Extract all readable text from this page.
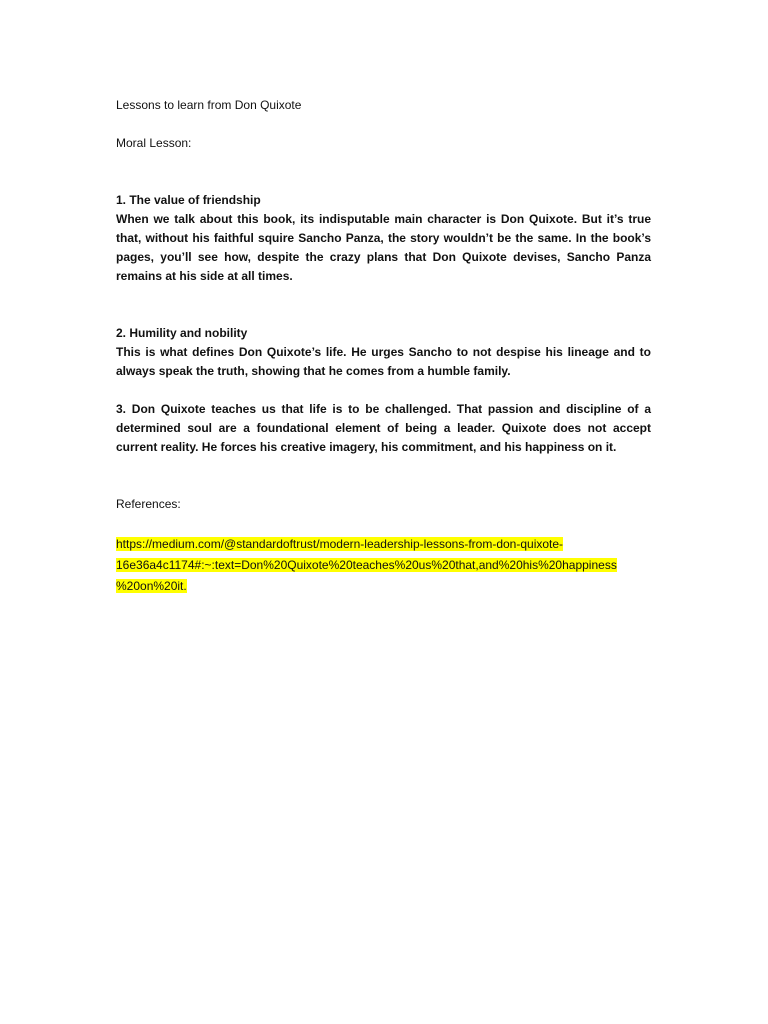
Lessons to learn from Don Quixote

Moral Lesson:

1. The value of friendship

When we talk about this book, its indisputable main character is Don Quixote. But it’s true that, without his faithful squire Sancho Panza, the story wouldn’t be the same. In the book’s pages, you’ll see how, despite the crazy plans that Don Quixote devises, Sancho Panza remains at his side at all times.

2. Humility and nobility

This is what defines Don Quixote’s life. He urges Sancho to not despise his lineage and to always speak the truth, showing that he comes from a humble family.

3. Don Quixote teaches us that life is to be challenged. That passion and discipline of a determined soul are a foundational element of being a leader. Quixote does not accept current reality. He forces his creative imagery, his commitment, and his happiness on it.

References:

https://medium.com/@standardoftrust/modern-leadership-lessons-from-don-quixote-
16e36a4c1174#:~:text=Don%20Quixote%20teaches%20us%20that,and%20his%20happiness
%20on%20it.
